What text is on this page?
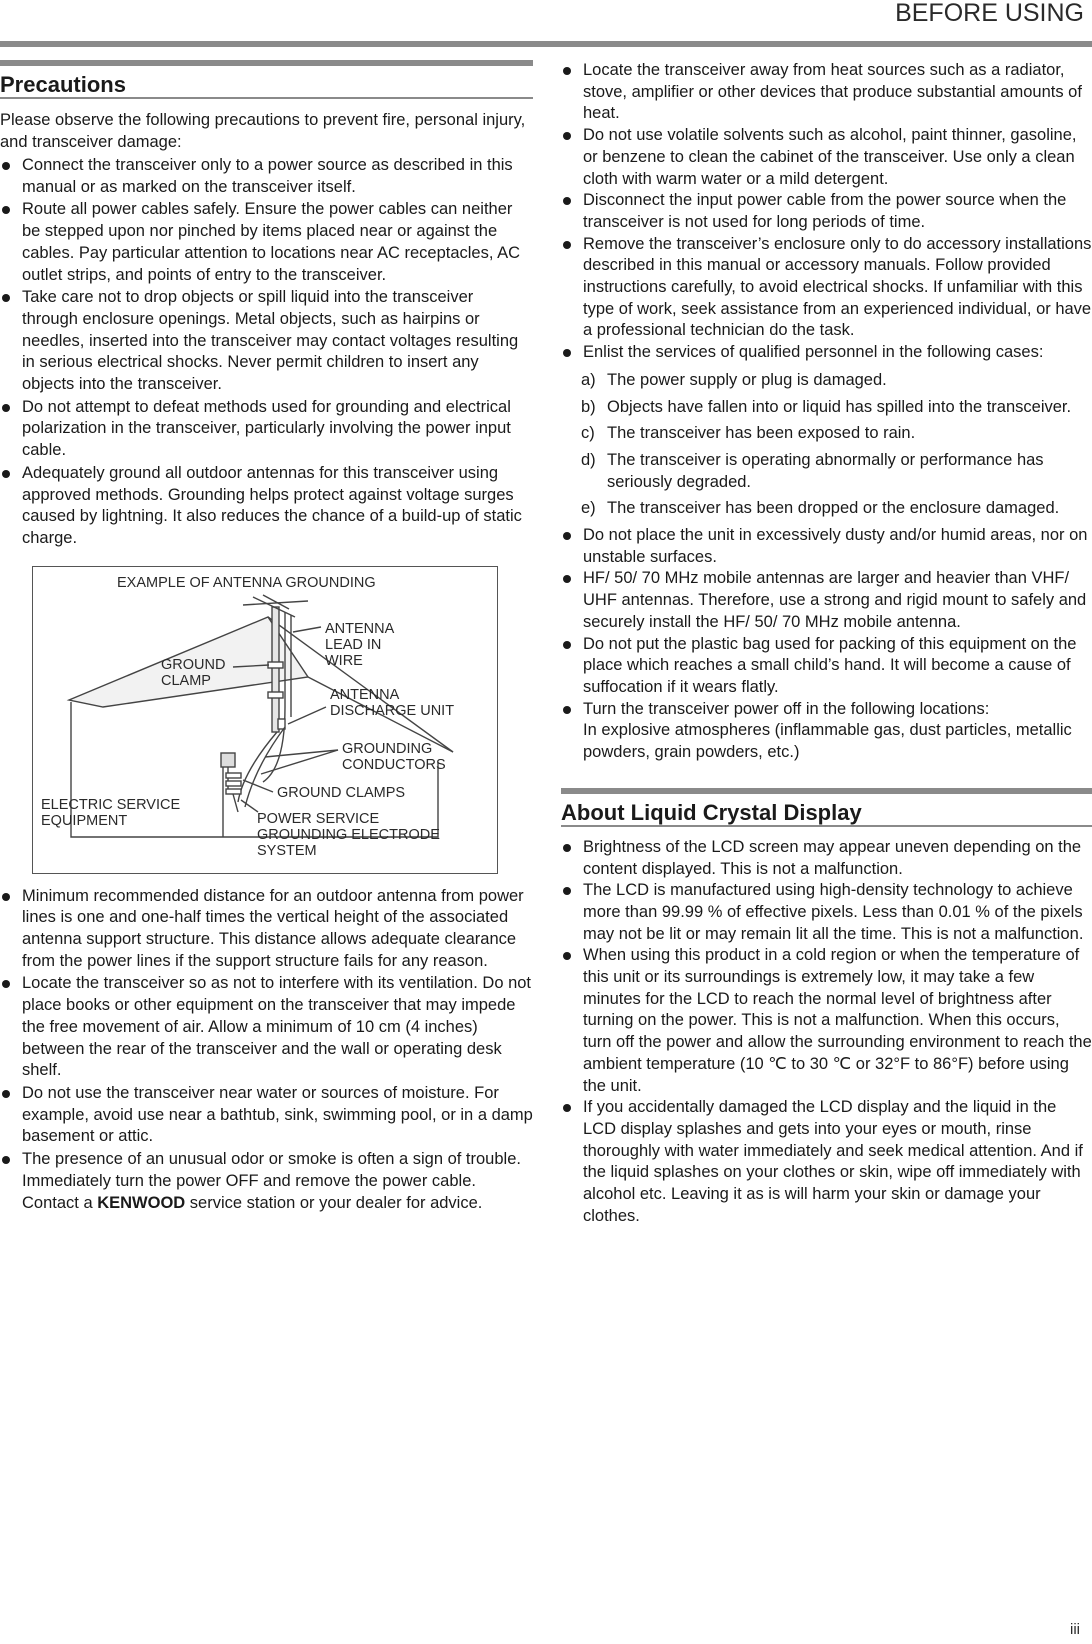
BEFORE USING
Precautions

Please observe the following precautions to prevent fire, personal injury, and transceiver damage:

Connect the transceiver only to a power source as described in this manual or as marked on the transceiver itself.
Route all power cables safely. Ensure the power cables can neither be stepped upon nor pinched by items placed near or against the cables. Pay particular attention to locations near AC receptacles, AC outlet strips, and points of entry to the transceiver.
Take care not to drop objects or spill liquid into the transceiver through enclosure openings. Metal objects, such as hairpins or needles, inserted into the transceiver may contact voltages resulting in serious electrical shocks. Never permit children to insert any objects into the transceiver.
Do not attempt to defeat methods used for grounding and electrical polarization in the transceiver, particularly involving the power input cable.
Adequately ground all outdoor antennas for this transceiver using approved methods. Grounding helps protect against voltage surges caused by lightning. It also reduces the chance of a build-up of static charge.
EXAMPLE OF ANTENNA GROUNDING
ANTENNA
LEAD IN
WIRE
GROUND
CLAMP
ANTENNA
DISCHARGE UNIT
GROUNDING
CONDUCTORS
GROUND CLAMPS
ELECTRIC SERVICE
EQUIPMENT	POWER SERVICE
GROUNDING ELECTRODE
SYSTEM
Minimum recommended distance for an outdoor antenna from power lines is one and one-half times the vertical height of the associated antenna support structure. This distance allows adequate clearance from the power lines if the support structure fails for any reason.
Locate the transceiver so as not to interfere with its ventilation. Do not place books or other equipment on the transceiver that may impede the free movement of air. Allow a minimum of 10 cm (4 inches) between the rear of the transceiver and the wall or operating desk shelf.
Do not use the transceiver near water or sources of moisture. For example, avoid use near a bathtub, sink, swimming pool, or in a damp basement or attic.
The presence of an unusual odor or smoke is often a sign of trouble. Immediately turn the power OFF and remove the power cable. Contact a KENWOOD service station or your dealer for advice.
Locate the transceiver away from heat sources such as a radiator, stove, amplifier or other devices that produce substantial amounts of heat.
Do not use volatile solvents such as alcohol, paint thinner, gasoline, or benzene to clean the cabinet of the transceiver. Use only a clean cloth with warm water or a mild detergent.
Disconnect the input power cable from the power source when the transceiver is not used for long periods of time.
Remove the transceiver’s enclosure only to do accessory installations described in this manual or accessory manuals. Follow provided instructions carefully, to avoid electrical shocks. If unfamiliar with this type of work, seek assistance from an experienced individual, or have a professional technician do the task.
Enlist the services of qualified personnel in the following cases:
a) The power supply or plug is damaged.
b) Objects have fallen into or liquid has spilled into the transceiver.
c) The transceiver has been exposed to rain.
d) The transceiver is operating abnormally or performance has seriously degraded.
e) The transceiver has been dropped or the enclosure damaged.
Do not place the unit in excessively dusty and/or humid areas, nor on unstable surfaces.
HF/ 50/ 70 MHz mobile antennas are larger and heavier than VHF/ UHF antennas. Therefore, use a strong and rigid mount to safely and securely install the HF/ 50/ 70 MHz mobile antenna.
Do not put the plastic bag used for packing of this equipment on the place which reaches a small child’s hand. It will become a cause of suffocation if it wears flatly.
Turn the transceiver power off in the following locations:
In explosive atmospheres (inflammable gas, dust particles, metallic powders, grain powders, etc.)
About Liquid Crystal Display
Brightness of the LCD screen may appear uneven depending on the content displayed. This is not a malfunction.
The LCD is manufactured using high-density technology to achieve more than 99.99 % of effective pixels. Less than 0.01 % of the pixels may not be lit or may remain lit all the time. This is not a malfunction.
When using this product in a cold region or when the temperature of this unit or its surroundings is extremely low, it may take a few minutes for the LCD to reach the normal level of brightness after turning on the power. This is not a malfunction. When this occurs, turn off the power and allow the surrounding environment to reach the ambient temperature (10 ℃ to 30 ℃ or 32°F to 86°F) before using the unit.
If you accidentally damaged the LCD display and the liquid in the LCD display splashes and gets into your eyes or mouth, rinse thoroughly with water immediately and seek medical attention. And if the liquid splashes on your clothes or skin, wipe off immediately with alcohol etc. Leaving it as is will harm your skin or damage your clothes.
iii
